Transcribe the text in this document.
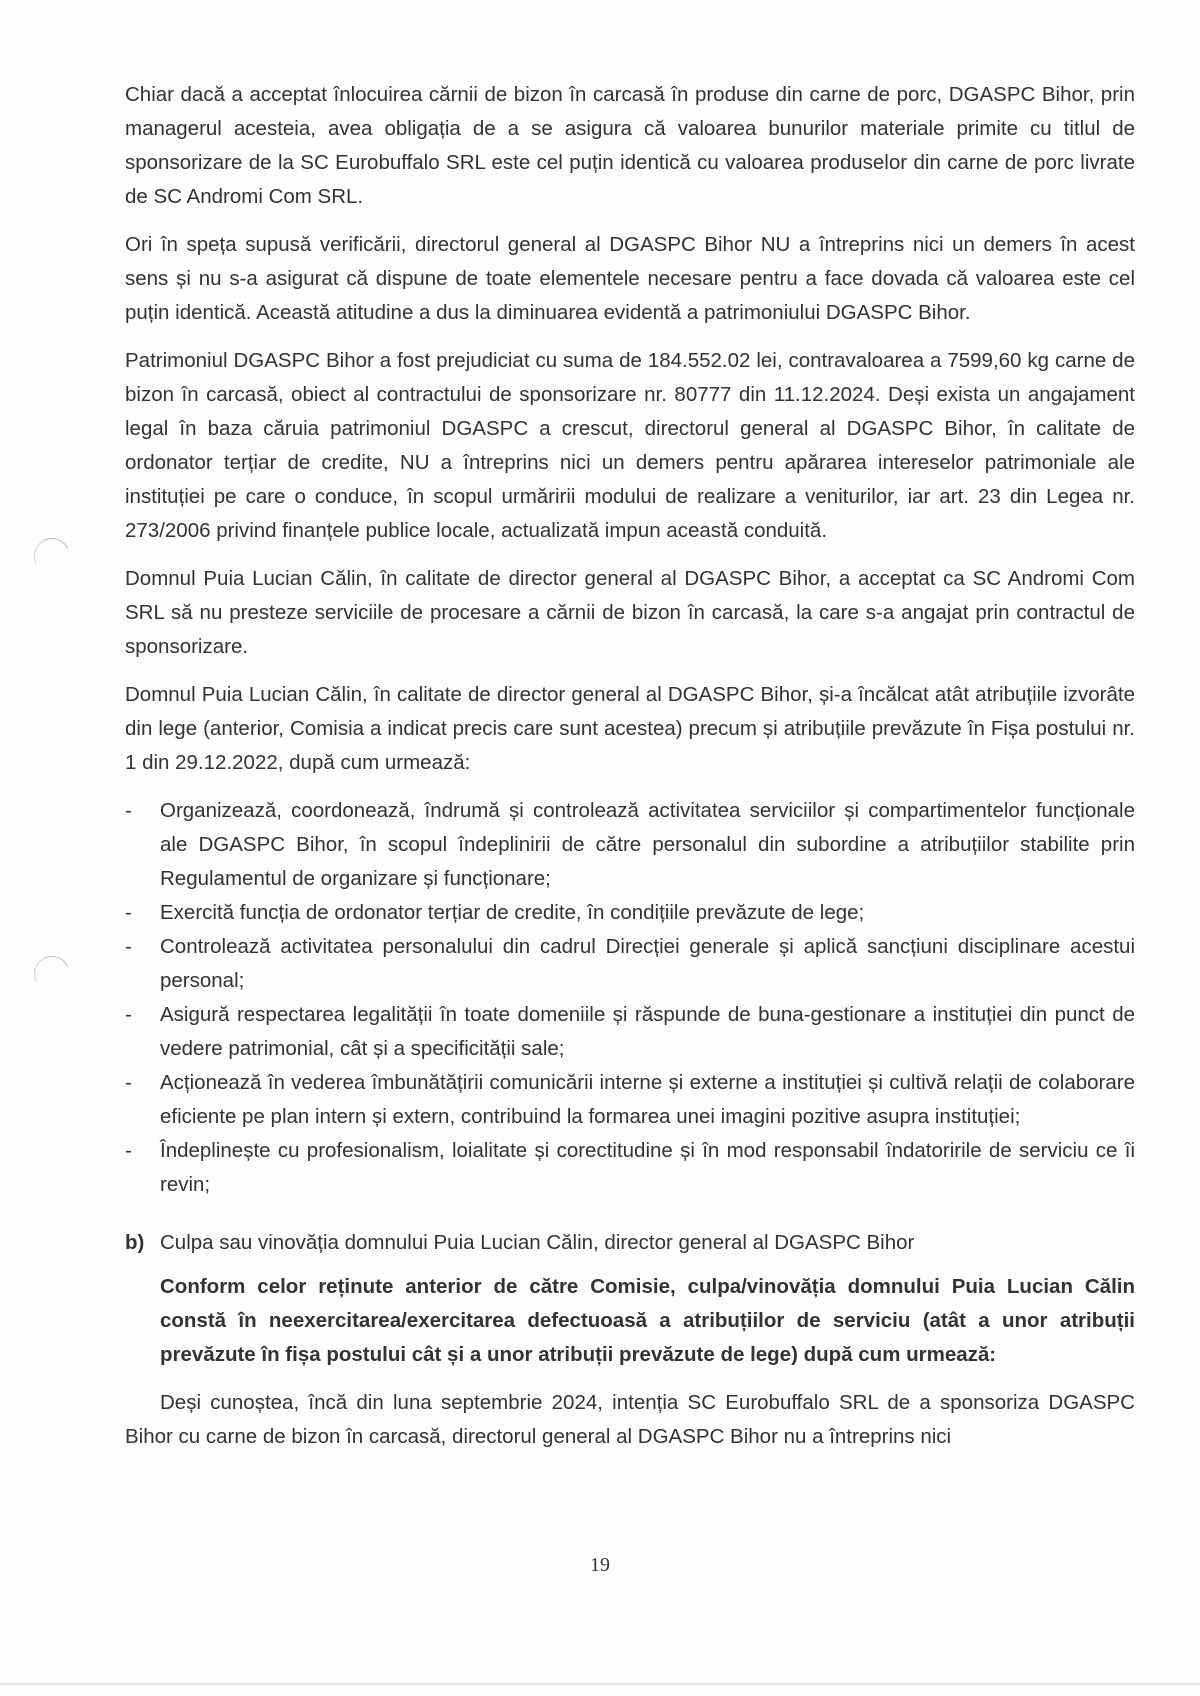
Chiar dacă a acceptat înlocuirea cărnii de bizon în carcasă în produse din carne de porc, DGASPC Bihor, prin managerul acesteia, avea obligația de a se asigura că valoarea bunurilor materiale primite cu titlul de sponsorizare de la SC Eurobuffalo SRL este cel puțin identică cu valoarea produselor din carne de porc livrate de SC Andromi Com SRL.

Ori în speța supusă verificării, directorul general al DGASPC Bihor NU a întreprins nici un demers în acest sens și nu s-a asigurat că dispune de toate elementele necesare pentru a face dovada că valoarea este cel puțin identică. Această atitudine a dus la diminuarea evidentă a patrimoniului DGASPC Bihor.

Patrimoniul DGASPC Bihor a fost prejudiciat cu suma de 184.552.02 lei, contravaloarea a 7599,60 kg carne de bizon în carcasă, obiect al contractului de sponsorizare nr. 80777 din 11.12.2024. Deși exista un angajament legal în baza căruia patrimoniul DGASPC a crescut, directorul general al DGASPC Bihor, în calitate de ordonator terțiar de credite, NU a întreprins nici un demers pentru apărarea intereselor patrimoniale ale instituției pe care o conduce, în scopul urmăririi modului de realizare a veniturilor, iar art. 23 din Legea nr. 273/2006 privind finanțele publice locale, actualizată impun această conduită.

Domnul Puia Lucian Călin, în calitate de director general al DGASPC Bihor, a acceptat ca SC Andromi Com SRL să nu presteze serviciile de procesare a cărnii de bizon în carcasă, la care s-a angajat prin contractul de sponsorizare.

Domnul Puia Lucian Călin, în calitate de director general al DGASPC Bihor, și-a încălcat atât atribuțiile izvorâte din lege (anterior, Comisia a indicat precis care sunt acestea) precum și atribuțiile prevăzute în Fișa postului nr. 1 din 29.12.2022, după cum urmează:

- Organizează, coordonează, îndrumă și controlează activitatea serviciilor și compartimentelor funcționale ale DGASPC Bihor, în scopul îndeplinirii de către personalul din subordine a atribuțiilor stabilite prin Regulamentul de organizare și funcționare;
- Exercită funcția de ordonator terțiar de credite, în condițiile prevăzute de lege;
- Controlează activitatea personalului din cadrul Direcției generale și aplică sancțiuni disciplinare acestui personal;
- Asigură respectarea legalității în toate domeniile și răspunde de buna-gestionare a instituției din punct de vedere patrimonial, cât și a specificității sale;
- Acționează în vederea îmbunătățirii comunicării interne și externe a instituției și cultivă relații de colaborare eficiente pe plan intern și extern, contribuind la formarea unei imagini pozitive asupra instituției;
- Îndeplinește cu profesionalism, loialitate și corectitudine și în mod responsabil îndatoririle de serviciu ce îi revin;
b) Culpa sau vinovăția domnului Puia Lucian Călin, director general al DGASPC Bihor

Conform celor reținute anterior de către Comisie, culpa/vinovăția domnului Puia Lucian Călin constă în neexercitarea/exercitarea defectuoasă a atribuțiilor de serviciu (atât a unor atribuții prevăzute în fișa postului cât și a unor atribuții prevăzute de lege) după cum urmează:

Deși cunoștea, încă din luna septembrie 2024, intenția SC Eurobuffalo SRL de a sponsoriza DGASPC Bihor cu carne de bizon în carcasă, directorul general al DGASPC Bihor nu a întreprins nici

19
